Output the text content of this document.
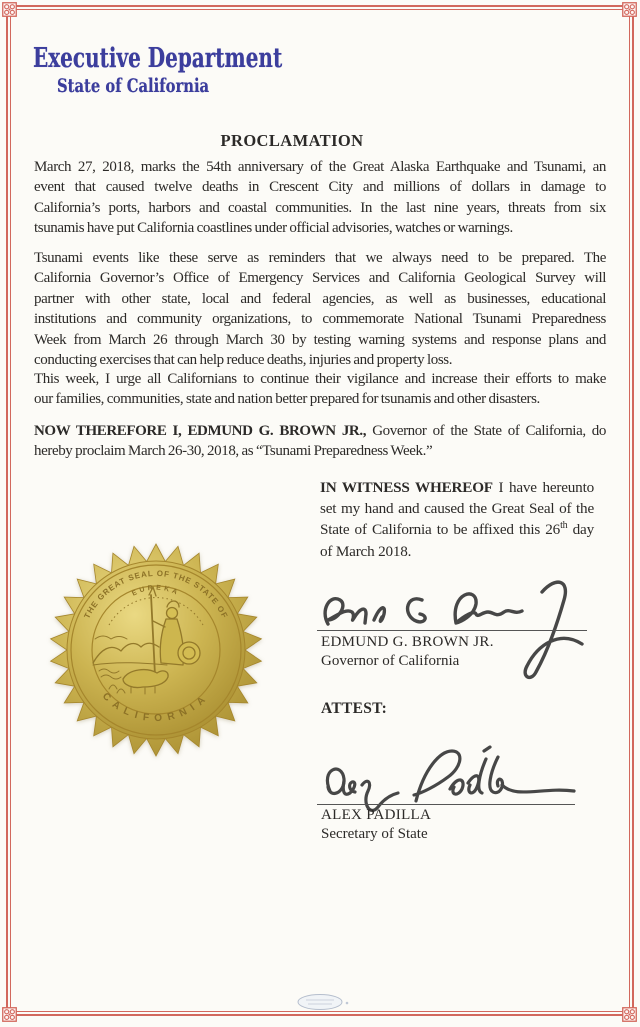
Executive Department
State of California
PROCLAMATION
March 27, 2018, marks the 54th anniversary of the Great Alaska Earthquake and Tsunami, an
event that caused twelve deaths in Crescent City and millions of dollars in damage to
California’s ports, harbors and coastal communities. In the last nine years, threats from six
tsunamis have put California coastlines under official advisories, watches or warnings.
Tsunami events like these serve as reminders that we always need to be prepared. The
California Governor’s Office of Emergency Services and California Geological Survey will
partner with other state, local and federal agencies, as well as businesses, educational
institutions and community organizations, to commemorate National Tsunami Preparedness
Week from March 26 through March 30 by testing warning systems and response plans and
conducting exercises that can help reduce deaths, injuries and property loss.
This week, I urge all Californians to continue their vigilance and increase their efforts to make
our families, communities, state and nation better prepared for tsunamis and other disasters.
NOW THEREFORE I, EDMUND G. BROWN JR., Governor of the State of California, do
hereby proclaim March 26-30, 2018, as “Tsunami Preparedness Week.”
IN WITNESS WHEREOF I have hereunto
set my hand and caused the Great Seal of the
State of California to be affixed this 26th day
of March 2018.
EDMUND G. BROWN JR.
Governor of California
ATTEST:
ALEX PADILLA
Secretary of State
THE GREAT SEAL OF THE STATE OF
CALIFORNIA
EUREKA
